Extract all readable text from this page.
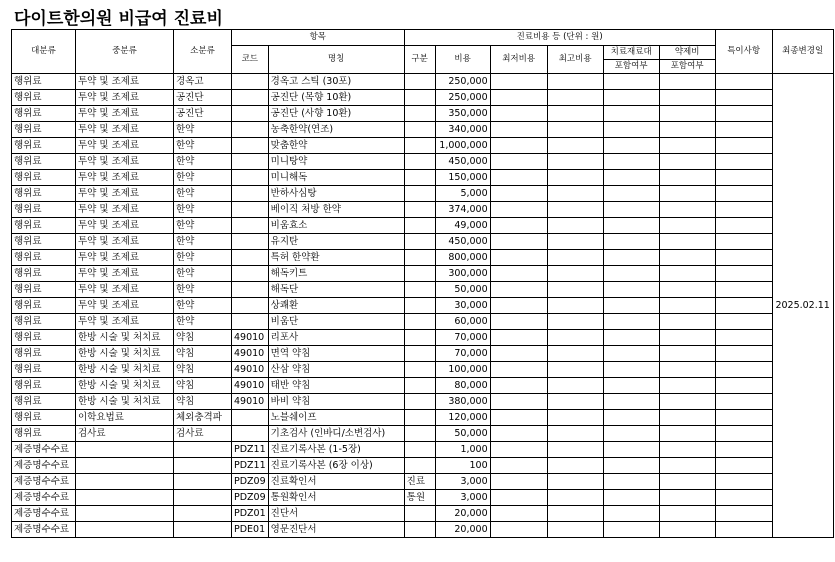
다이트한의원 비급여 진료비
대분류	중분류	소분류	항목		진료비용 등 (단위 : 원)						특이사항	최종변경일
			코드	명칭	구분	비용	최저비용	최고비용	치료재료대	약제비		
									포함여부	포함여부		
행위료	투약 및 조제료	경옥고		경옥고 스틱 (30포)		250,000						2025.02.11
행위료	투약 및 조제료	공진단		공진단 (목향 10환)		250,000						
행위료	투약 및 조제료	공진단		공진단 (사향 10환)		350,000						
행위료	투약 및 조제료	한약		농축한약(연조)		340,000						
행위료	투약 및 조제료	한약		맞춤한약		1,000,000						
행위료	투약 및 조제료	한약		미니탕약		450,000						
행위료	투약 및 조제료	한약		미니해독		150,000						
행위료	투약 및 조제료	한약		반하사심탕		5,000						
행위료	투약 및 조제료	한약		베이직 처방 한약		374,000						
행위료	투약 및 조제료	한약		비움효소		49,000						
행위료	투약 및 조제료	한약		유지탄		450,000						
행위료	투약 및 조제료	한약		특허 한약환		800,000						
행위료	투약 및 조제료	한약		해독키트		300,000						
행위료	투약 및 조제료	한약		해독단		50,000						
행위료	투약 및 조제료	한약		상쾌환		30,000						
행위료	투약 및 조제료	한약		비움단		60,000						
행위료	한방 시술 및 처치료	약침	49010	리포사		70,000						
행위료	한방 시술 및 처치료	약침	49010	면역 약침		70,000						
행위료	한방 시술 및 처치료	약침	49010	산삼 약침		100,000						
행위료	한방 시술 및 처치료	약침	49010	태반 약침		80,000						
행위료	한방 시술 및 처치료	약침	49010	바비 약침		380,000						
행위료	이학요법료	체외충격파		노블쉐이프		120,000						
행위료	검사료	검사료		기초검사 (인바디/소변검사)		50,000						
제증명수수료			PDZ11	진료기록사본 (1-5장)		1,000						
제증명수수료			PDZ11	진료기록사본 (6장 이상)		100						
제증명수수료			PDZ09	진료확인서	진료	3,000						
제증명수수료			PDZ09	통원확인서	통원	3,000						
제증명수수료			PDZ01	진단서		20,000						
제증명수수료			PDE01	영문진단서		20,000						
